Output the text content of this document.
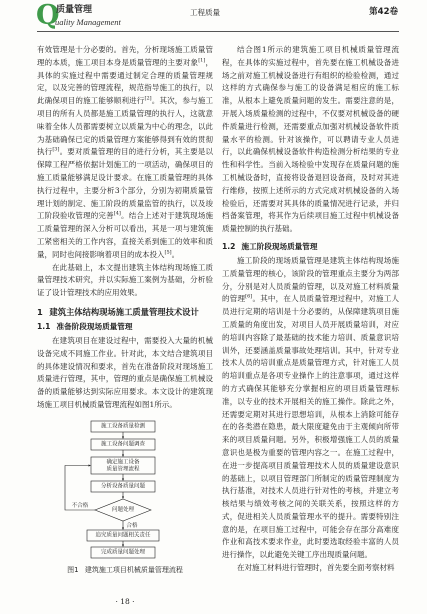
Q
质量管理
uality Management
工程质量	第42卷

有效管理是十分必要的。首先，分析现场施工质量管理的本质，施工项目本身是质量管理的主要对象[1]，具体的实施过程中需要通过制定合理的质量管理规定，以及完善的管理流程，规范指导施工的执行，以此确保项目的施工能够顺利进行[2]。其次，参与施工项目的所有人员都是施工质量管理的执行人，这就意味着全体人员都需要树立以质量为中心的理念，以此为基础确保已定的质量管理方案能够得到有效的贯彻执行[3]。要对质量管理的目的进行分析，其主要是以保障工程严格依据计划施工的一项活动，确保项目的施工质量能够满足设计要求。在施工质量管理的具体执行过程中，主要分析3个部分，分别为初期质量管理计划的制定、施工阶段的质量监管的执行，以及竣工阶段验收管理的完善[4]。结合上述对于建筑现场施工质量管理的深入分析可以看出，其是一项与建筑施工紧密相关的工作内容，直接关系到施工的效率和质量，同时也间接影响着项目的成本投入[5]。

在此基础上，本文提出建筑主体结构现场施工质量管理技术研究，并以实际施工案例为基础，分析验证了设计管理技术的应用效果。

1 建筑主体结构现场施工质量管理技术设计
1.1 准备阶段现场质量管理

在建筑项目在建设过程中，需要投入大量的机械设备完成不同施工作业。针对此，本文结合建筑项目的具体建设情况和要求，首先在准备阶段对现场施工质量进行管理，其中，管理的重点是确保施工机械设备的质量能够达到实际应用要求。本文设计的建筑现场施工项目机械质量管理流程如图1所示。

施工设备质量检测
施工设备问题调查
确定施工设备
质量管理流程
分析设备质量问题
问题处理
不合格
合格
追究质量问题相关责任
完成质量问题处理
图1 建筑施工项目机械质量管理流程

结合图1所示的建筑施工项目机械质量管理流程，在具体的实施过程中，首先要在施工机械设备进场之前对施工机械设备进行有组织的检验检测，通过这样的方式确保参与施工的设备满足相应的施工标准，从根本上避免质量问题的发生。需要注意的是，开展入场质量检测的过程中，不仅要对机械设备的硬件质量进行检测，还需要重点加强对机械设备软件质量水平的检测。针对该操作，可以聘请专业人员进行，以此确保机械设备软件构造检测分析结果的专业性和科学性。当前入场检验中发现存在质量问题的施工机械设备时，直接将设备退回设备商，及时对其进行维修，按照上述所示的方式完成对机械设备的入场检验后，还需要对其具体的质量情况进行记录，并归档备案管理，将其作为后续项目施工过程中机械设备质量控制的执行基础。

1.2 施工阶段现场质量管理

施工阶段的现场质量管理是建筑主体结构现场施工质量管理的核心，该阶段的管理重点主要分为两部分，分别是对人员质量的管理，以及对施工材料质量的管理[6]。其中，在人员质量管理过程中，对施工人员进行定期的培训是十分必要的，从保障建筑项目施工质量的角度出发，对项目人员开展质量培训，对应的培训内容除了最基础的技术能力培训、质量意识培训外，还要涵盖质量事故处理培训。其中，针对专业技术人员的培训重点是质量管理方式，针对施工人员的培训重点是各项专业操作上的注意事项，通过这样的方式确保其能够充分掌握相应的项目质量管理标准，以专业的技术开展相关的施工操作。除此之外，还需要定期对其进行思想培训，从根本上消除可能存在的各类潜在隐患，最大限度避免由于主观倾向所带来的项目质量问题。另外，积极增强施工人员的质量意识也是极为重要的管理内容之一。在施工过程中，在进一步提高项目质量管理技术人员的质量建设意识的基础上，以项目管理部门所制定的质量管理制度为执行基准，对技术人员进行针对性的考核，并建立考核结果与绩效考核之间的关联关系，按照这样的方式，促进相关人员质量管理水平的提升。需要特别注意的是，在项目施工过程中，可能会存在部分高难度作业和高技术要求作业，此时要选取经验丰富的人员进行操作，以此避免关键工序出现质量问题。

在对施工材料进行管理时，首先要全面考察材料

· 18 ·
